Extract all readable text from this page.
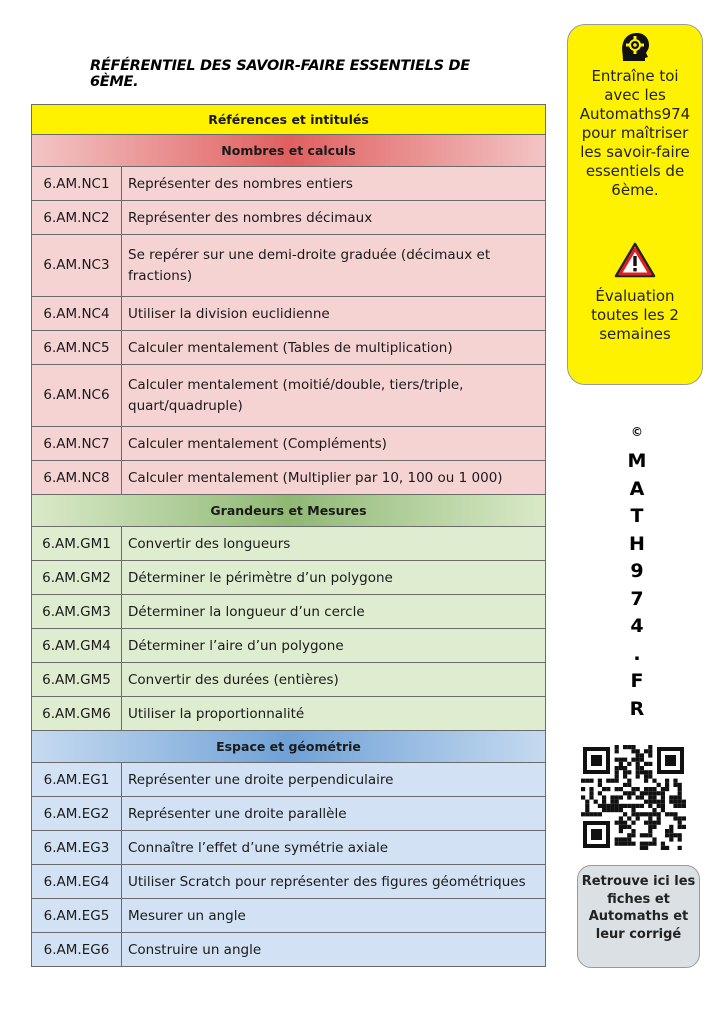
RÉFÉRENTIEL DES SAVOIR-FAIRE ESSENTIELS DE 6ÈME.
Références et intitulés	
Nombres et calculs	
6.AM.NC1	Représenter des nombres entiers
6.AM.NC2	Représenter des nombres décimaux
6.AM.NC3	Se repérer sur une demi-droite graduée (décimaux et fractions)
6.AM.NC4	Utiliser la division euclidienne
6.AM.NC5	Calculer mentalement (Tables de multiplication)
6.AM.NC6	Calculer mentalement (moitié/double, tiers/triple, quart/quadruple)
6.AM.NC7	Calculer mentalement (Compléments)
6.AM.NC8	Calculer mentalement (Multiplier par 10, 100 ou 1 000)
Grandeurs et Mesures	
6.AM.GM1	Convertir des longueurs
6.AM.GM2	Déterminer le périmètre d’un polygone
6.AM.GM3	Déterminer la longueur d’un cercle
6.AM.GM4	Déterminer l’aire d’un polygone
6.AM.GM5	Convertir des durées (entières)
6.AM.GM6	Utiliser la proportionnalité
Espace et géométrie	
6.AM.EG1	Représenter une droite perpendiculaire
6.AM.EG2	Représenter une droite parallèle
6.AM.EG3	Connaître l’effet d’une symétrie axiale
6.AM.EG4	Utiliser Scratch pour représenter des figures géométriques
6.AM.EG5	Mesurer un angle
6.AM.EG6	Construire un angle
Entraîne toi avec les Automaths974 pour maîtriser les savoir-faire essentiels de 6ème.
Évaluation toutes les 2 semaines
©
M
A
T
H
9
7
4
.
F
R
Retrouve ici les fiches et Automaths et leur corrigé
